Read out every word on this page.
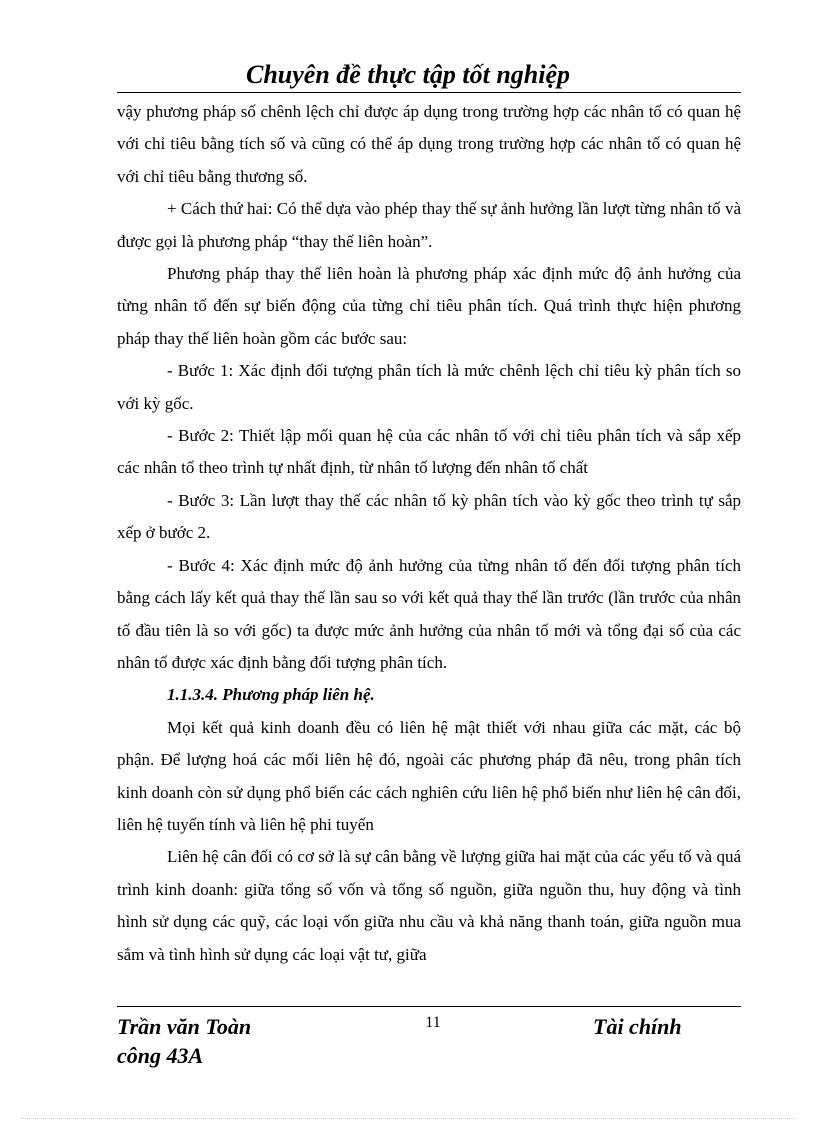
Chuyên đề thực tập tốt nghiệp

vậy phương pháp số chênh lệch chỉ được áp dụng trong trường hợp các nhân tố có quan hệ với chỉ tiêu bằng tích số và cũng có thể áp dụng trong trường hợp các nhân tố có quan hệ với chỉ tiêu bằng thương số.

+ Cách thứ hai: Có thể dựa vào phép thay thế sự ảnh hưởng lần lượt từng nhân tố và được gọi là phương pháp “thay thế liên hoàn”.

Phương pháp thay thế liên hoàn là phương pháp xác định mức độ ảnh hưởng của từng nhân tố đến sự biến động của từng chỉ tiêu phân tích. Quá trình thực hiện phương pháp thay thế liên hoàn gồm các bước sau:

- Bước 1: Xác định đối tượng phân tích là mức chênh lệch chỉ tiêu kỳ phân tích so với kỳ gốc.

- Bước 2: Thiết lập mối quan hệ của các nhân tố với chỉ tiêu phân tích và sắp xếp các nhân tố theo trình tự nhất định, từ nhân tố lượng đến nhân tố chất

- Bước 3: Lần lượt thay thế các nhân tố kỳ phân tích vào kỳ gốc theo trình tự sắp xếp ở bước 2.

- Bước 4: Xác định mức độ ảnh hưởng của từng nhân tố đến đối tượng phân tích bằng cách lấy kết quả thay thế lần sau so với kết quả thay thế lần trước (lần trước của nhân tố đầu tiên là so với gốc) ta được mức ảnh hưởng của nhân tố mới và tổng đại số của các nhân tố được xác định bằng đối tượng phân tích.

1.1.3.4. Phương pháp liên hệ.

Mọi kết quả kinh doanh đều có liên hệ mật thiết với nhau giữa các mặt, các bộ phận. Để lượng hoá các mối liên hệ đó, ngoài các phương pháp đã nêu, trong phân tích kinh doanh còn sử dụng phổ biến các cách nghiên cứu liên hệ phổ biến như liên hệ cân đối, liên hệ tuyến tính và liên hệ phi tuyến

Liên hệ cân đối có cơ sở là sự cân bằng về lượng giữa hai mặt của các yếu tố và quá trình kinh doanh: giữa tổng số vốn và tổng số nguồn, giữa nguồn thu, huy động và tình hình sử dụng các quỹ, các loại vốn giữa nhu cầu và khả năng thanh toán, giữa nguồn mua sắm và tình hình sử dụng các loại vật tư, giữa

Trần văn Toàn
công 43A
11	Tài chính
